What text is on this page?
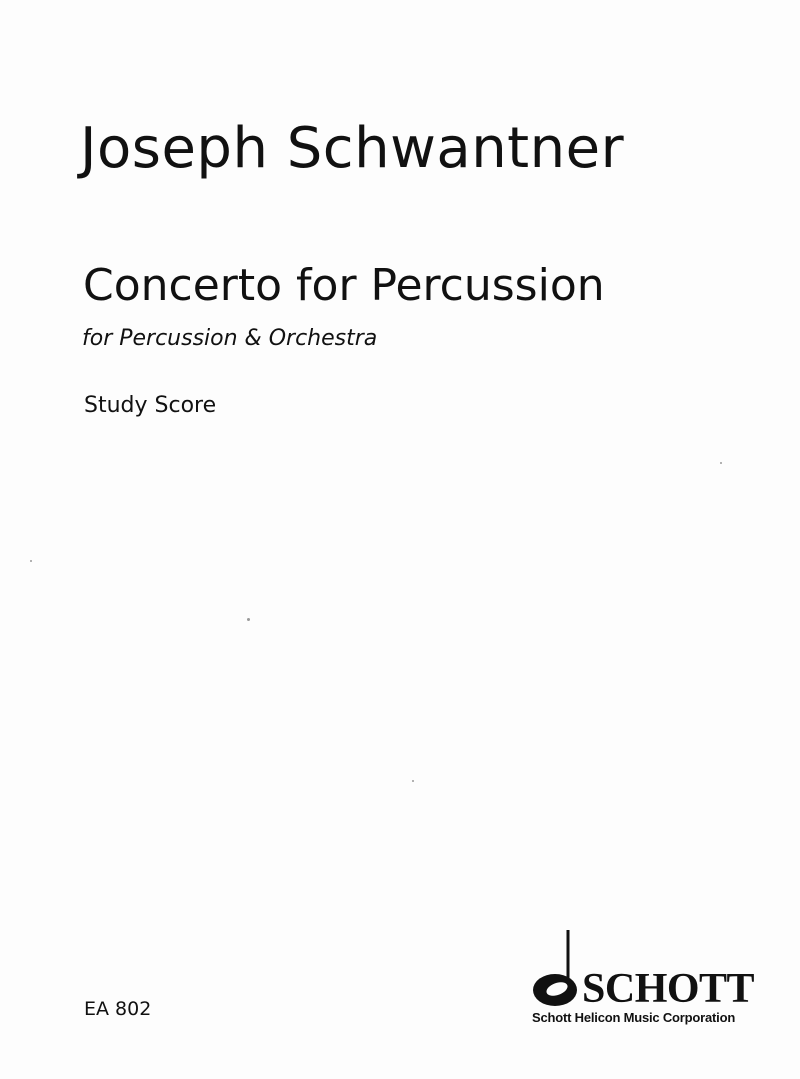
Joseph Schwantner
Concerto for Percussion
for Percussion & Orchestra
Study Score
EA 802	SCHOTT
Schott Helicon Music Corporation
